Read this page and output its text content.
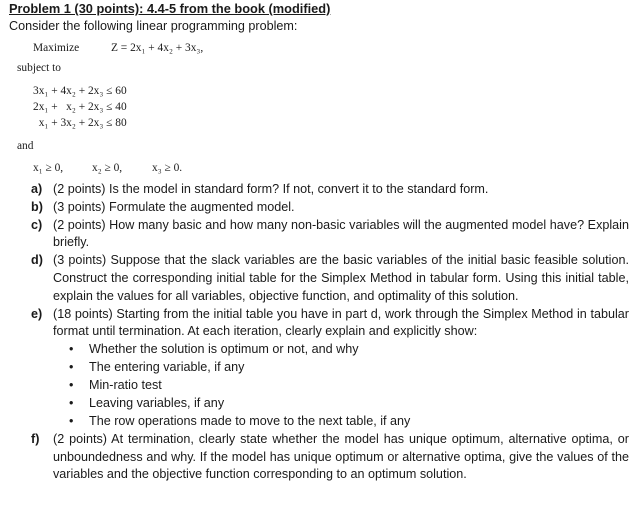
Problem 1 (30 points): 4.4-5 from the book (modified)
Consider the following linear programming problem:
Maximize	Z = 2x₁ + 4x₂ + 3x₃,
subject to
3x₁ + 4x₂ + 2x₃ ≤ 60
2x₁ +   x₂ + 2x₃ ≤ 40
x₁ + 3x₂ + 2x₃ ≤ 80
and
x₁ ≥ 0,	x₂ ≥ 0,	x₃ ≥ 0.
a) (2 points) Is the model in standard form? If not, convert it to the standard form.
b) (3 points) Formulate the augmented model.
c) (2 points) How many basic and how many non-basic variables will the augmented model have? Explain briefly.
d) (3 points) Suppose that the slack variables are the basic variables of the initial basic feasible solution. Construct the corresponding initial table for the Simplex Method in tabular form. Using this initial table, explain the values for all variables, objective function, and optimality of this solution.
e) (18 points) Starting from the initial table you have in part d, work through the Simplex Method in tabular format until termination. At each iteration, clearly explain and explicitly show:
• Whether the solution is optimum or not, and why
• The entering variable, if any
• Min-ratio test
• Leaving variables, if any
• The row operations made to move to the next table, if any
f)	(2 points) At termination, clearly state whether the model has unique optimum, alternative optima, or unboundedness and why. If the model has unique optimum or alternative optima, give the values of the variables and the objective function corresponding to an optimum solution.
